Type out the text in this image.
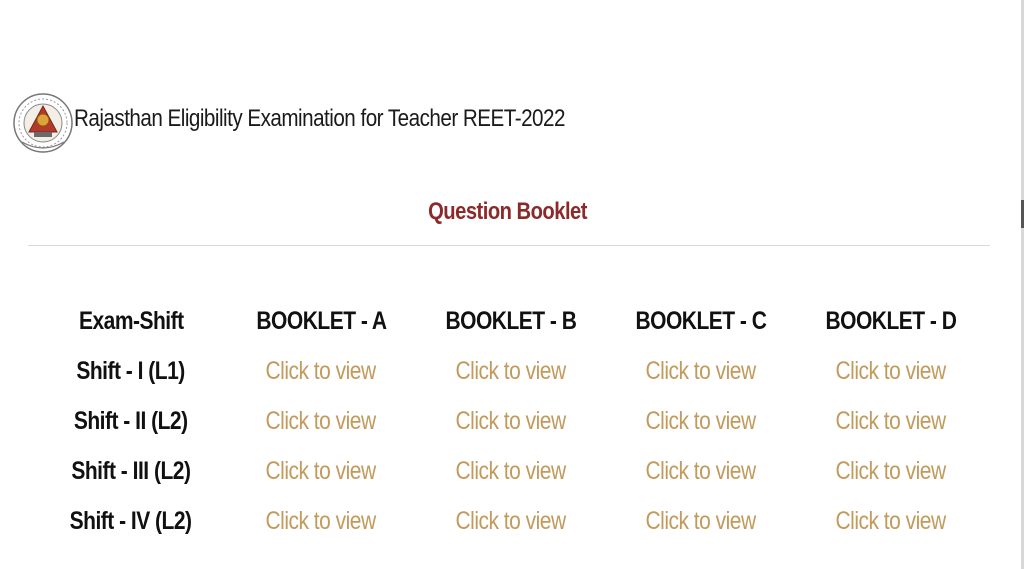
Rajasthan Eligibility Examination for Teacher REET-2022
Question Booklet
Exam-Shift	BOOKLET - A	BOOKLET - B	BOOKLET - C	BOOKLET - D
Shift - I (L1)	Click to view	Click to view	Click to view	Click to view
Shift - II (L2)	Click to view	Click to view	Click to view	Click to view
Shift - III (L2)	Click to view	Click to view	Click to view	Click to view
Shift - IV (L2)	Click to view	Click to view	Click to view	Click to view
